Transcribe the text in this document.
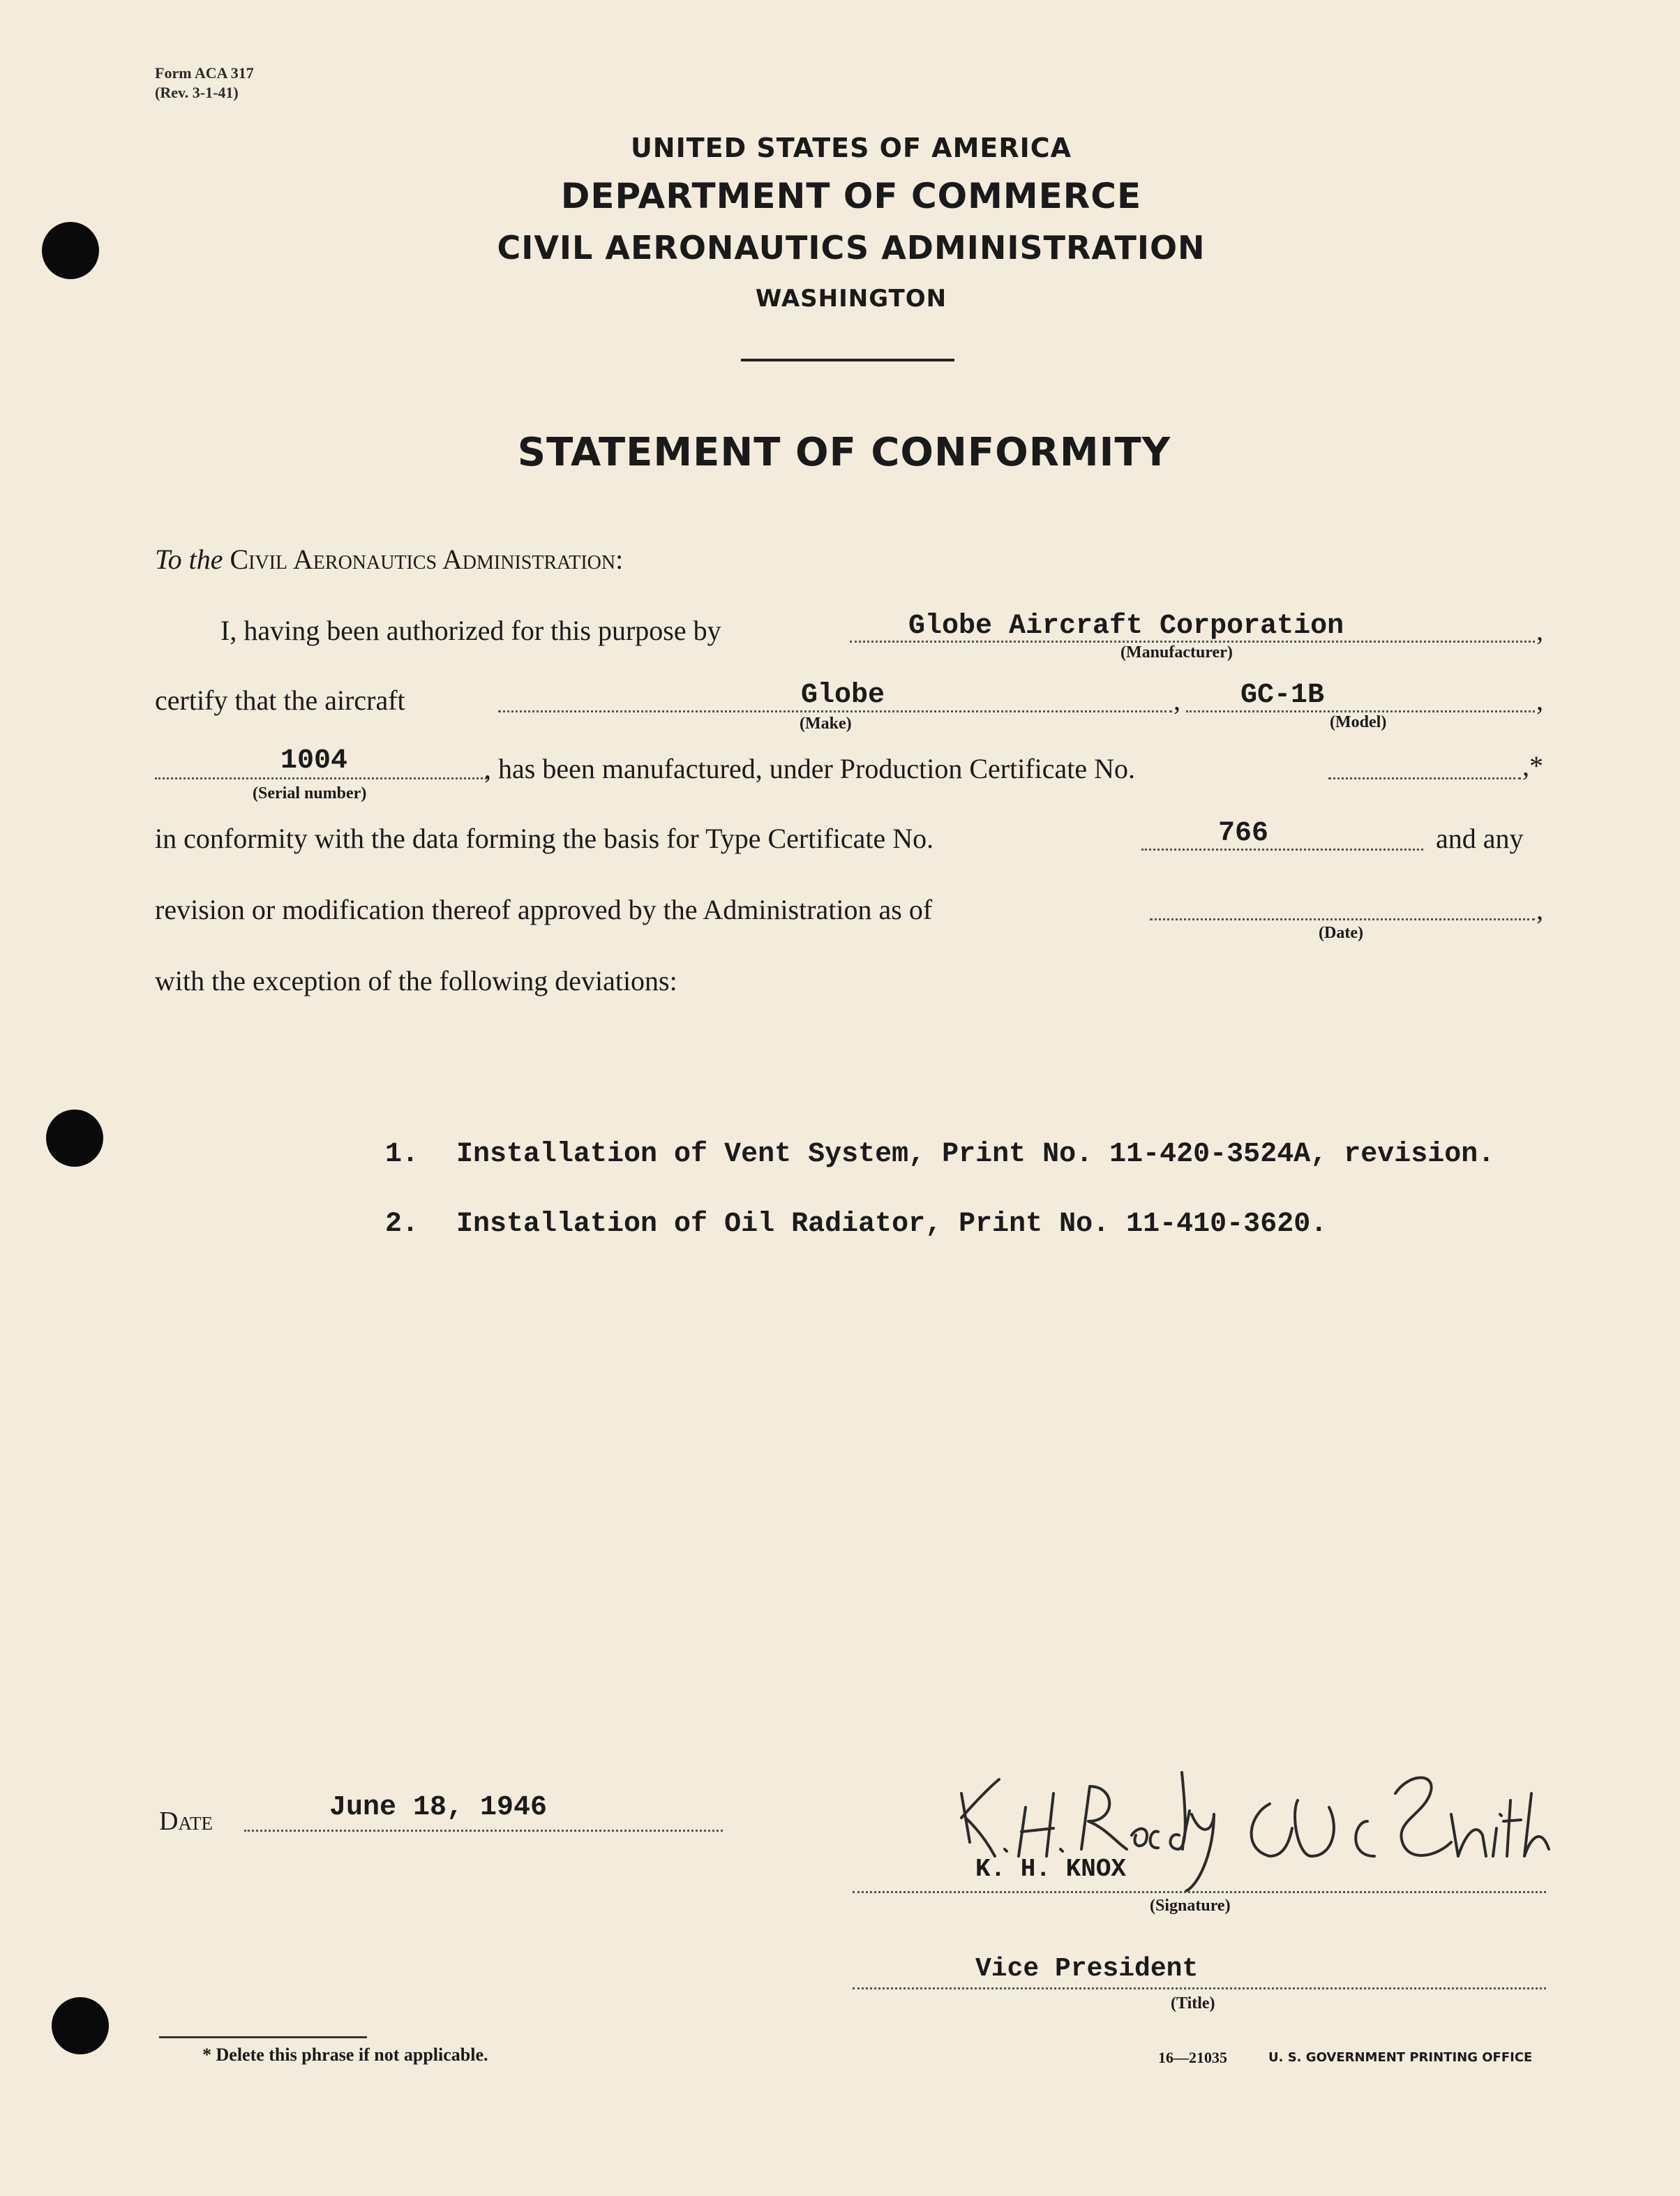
Form ACA 317
(Rev. 3-1-41)
UNITED STATES OF AMERICA
DEPARTMENT OF COMMERCE
CIVIL AERONAUTICS ADMINISTRATION
WASHINGTON
STATEMENT OF CONFORMITY
To the Civil Aeronautics Administration:
I, having been authorized for this purpose by	Globe Aircraft Corporation	,
(Manufacturer)
certify that the aircraft	Globe	,
(Make)
GC-1B	,
(Model)
1004
(Serial number)
, has been manufactured, under Production Certificate No.	,*
in conformity with the data forming the basis for Type Certificate No.	766	and any
revision or modification thereof approved by the Administration as of	,
(Date)
with the exception of the following deviations:
1. Installation of Vent System, Print No. 11-420-3524A, revision.
2. Installation of Oil Radiator, Print No. 11-410-3620.
Date	June 18, 1946
K. H. KNOX
(Signature)
Vice President
(Title)
* Delete this phrase if not applicable.	16—21035	U. S. GOVERNMENT PRINTING OFFICE
